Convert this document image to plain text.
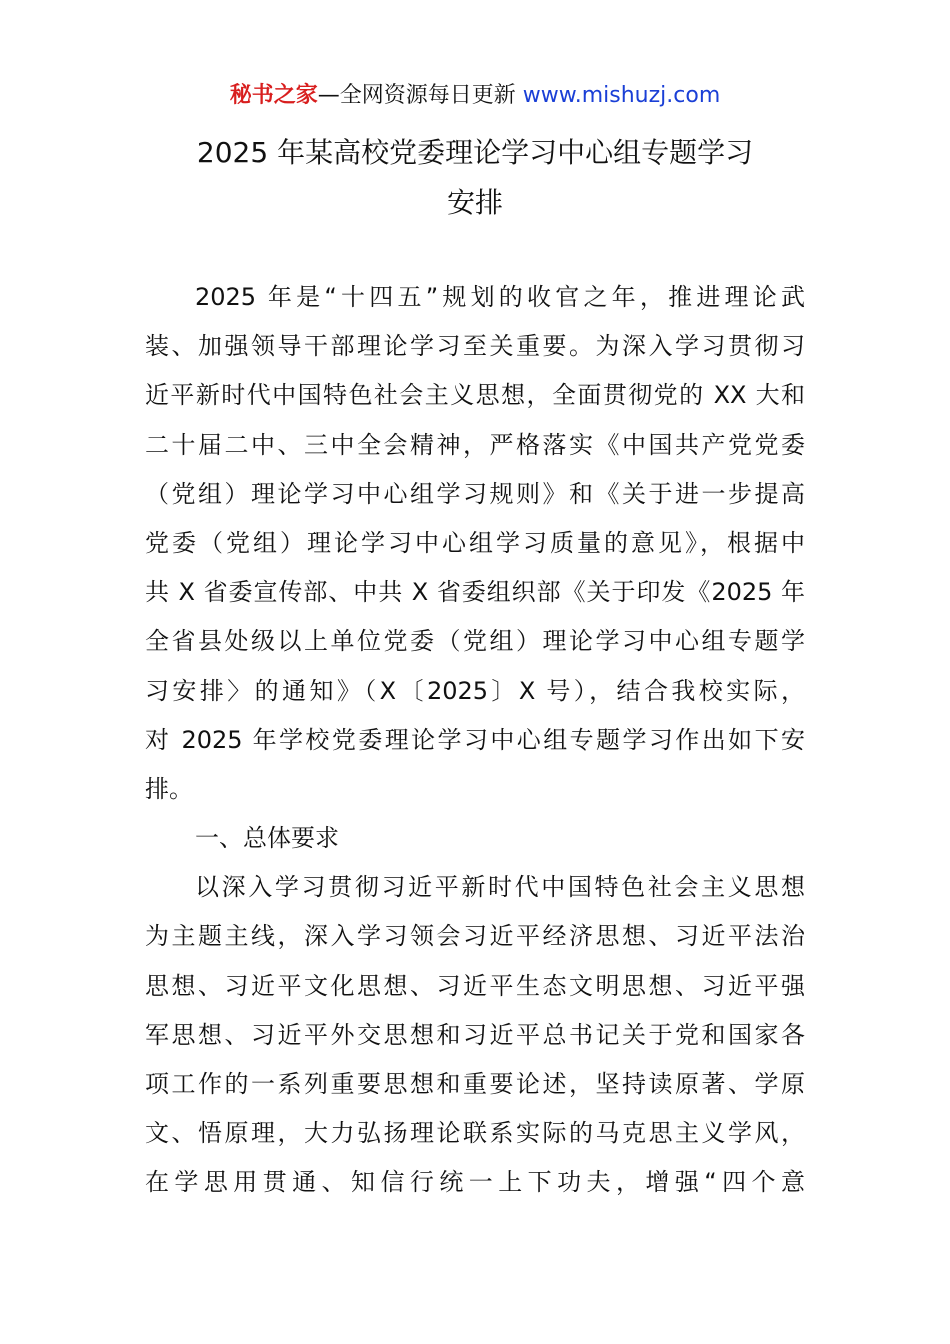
秘书之家—全网资源每日更新 www.mishuzj.com
2025 年某高校党委理论学习中心组专题学习
安排
2025 年是“十四五”规划的收官之年，推进理论武
装、加强领导干部理论学习至关重要。为深入学习贯彻习
近平新时代中国特色社会主义思想，全面贯彻党的 XX 大和
二十届二中、三中全会精神，严格落实《中国共产党党委
（党组）理论学习中心组学习规则》和《关于进一步提高
党委（党组）理论学习中心组学习质量的意见》，根据中
共 X 省委宣传部、中共 X 省委组织部《关于印发《2025 年
全省县处级以上单位党委（党组）理论学习中心组专题学
习安排〉的通知》（X〔2025〕X 号），结合我校实际，
对 2025 年学校党委理论学习中心组专题学习作出如下安
排。
一、总体要求
以深入学习贯彻习近平新时代中国特色社会主义思想
为主题主线，深入学习领会习近平经济思想、习近平法治
思想、习近平文化思想、习近平生态文明思想、习近平强
军思想、习近平外交思想和习近平总书记关于党和国家各
项工作的一系列重要思想和重要论述，坚持读原著、学原
文、悟原理，大力弘扬理论联系实际的马克思主义学风，
在学思用贯通、知信行统一上下功夫，增强“四个意
